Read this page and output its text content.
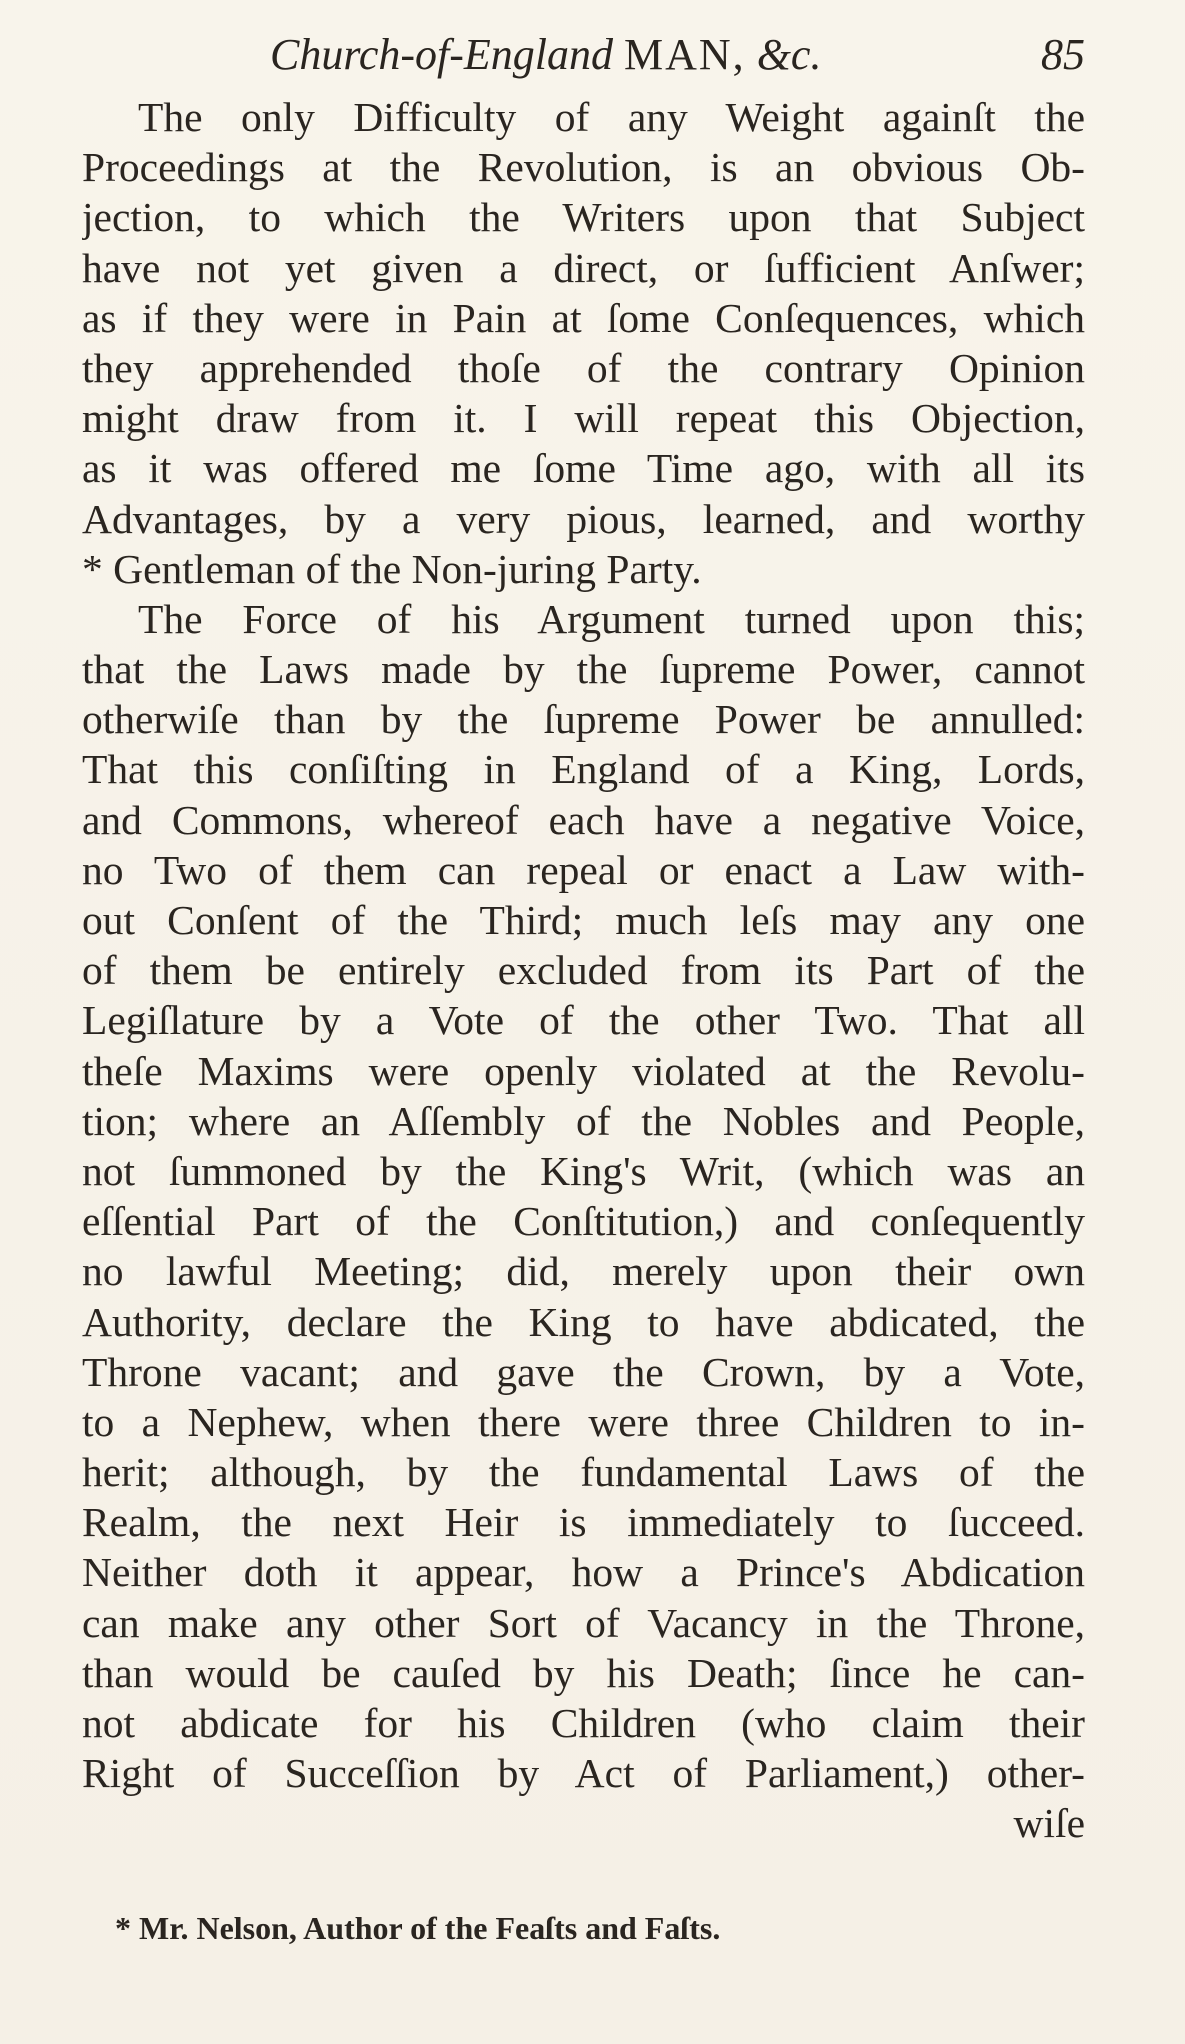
Church-of-England MAN, &c.	85
The only Difficulty of any Weight againſt the
Proceedings at the Revolution, is an obvious Ob-
jection, to which the Writers upon that Subject
have not yet given a direct, or ſufficient Anſwer;
as if they were in Pain at ſome Conſequences, which
they apprehended thoſe of the contrary Opinion
might draw from it. I will repeat this Objection,
as it was offered me ſome Time ago, with all its
Advantages, by a very pious, learned, and worthy
* Gentleman of the Non-juring Party.
The Force of his Argument turned upon this;
that the Laws made by the ſupreme Power, cannot
otherwiſe than by the ſupreme Power be annulled:
That this conſiſting in England of a King, Lords,
and Commons, whereof each have a negative Voice,
no Two of them can repeal or enact a Law with-
out Conſent of the Third; much leſs may any one
of them be entirely excluded from its Part of the
Legiſlature by a Vote of the other Two. That all
theſe Maxims were openly violated at the Revolu-
tion; where an Aſſembly of the Nobles and People,
not ſummoned by the King's Writ, (which was an
eſſential Part of the Conſtitution,) and conſequently
no lawful Meeting; did, merely upon their own
Authority, declare the King to have abdicated, the
Throne vacant; and gave the Crown, by a Vote,
to a Nephew, when there were three Children to in-
herit; although, by the fundamental Laws of the
Realm, the next Heir is immediately to ſucceed.
Neither doth it appear, how a Prince's Abdication
can make any other Sort of Vacancy in the Throne,
than would be cauſed by his Death; ſince he can-
not abdicate for his Children (who claim their
Right of Succeſſion by Act of Parliament,) other-
wiſe
* Mr. Nelson, Author of the Feaſts and Faſts.
